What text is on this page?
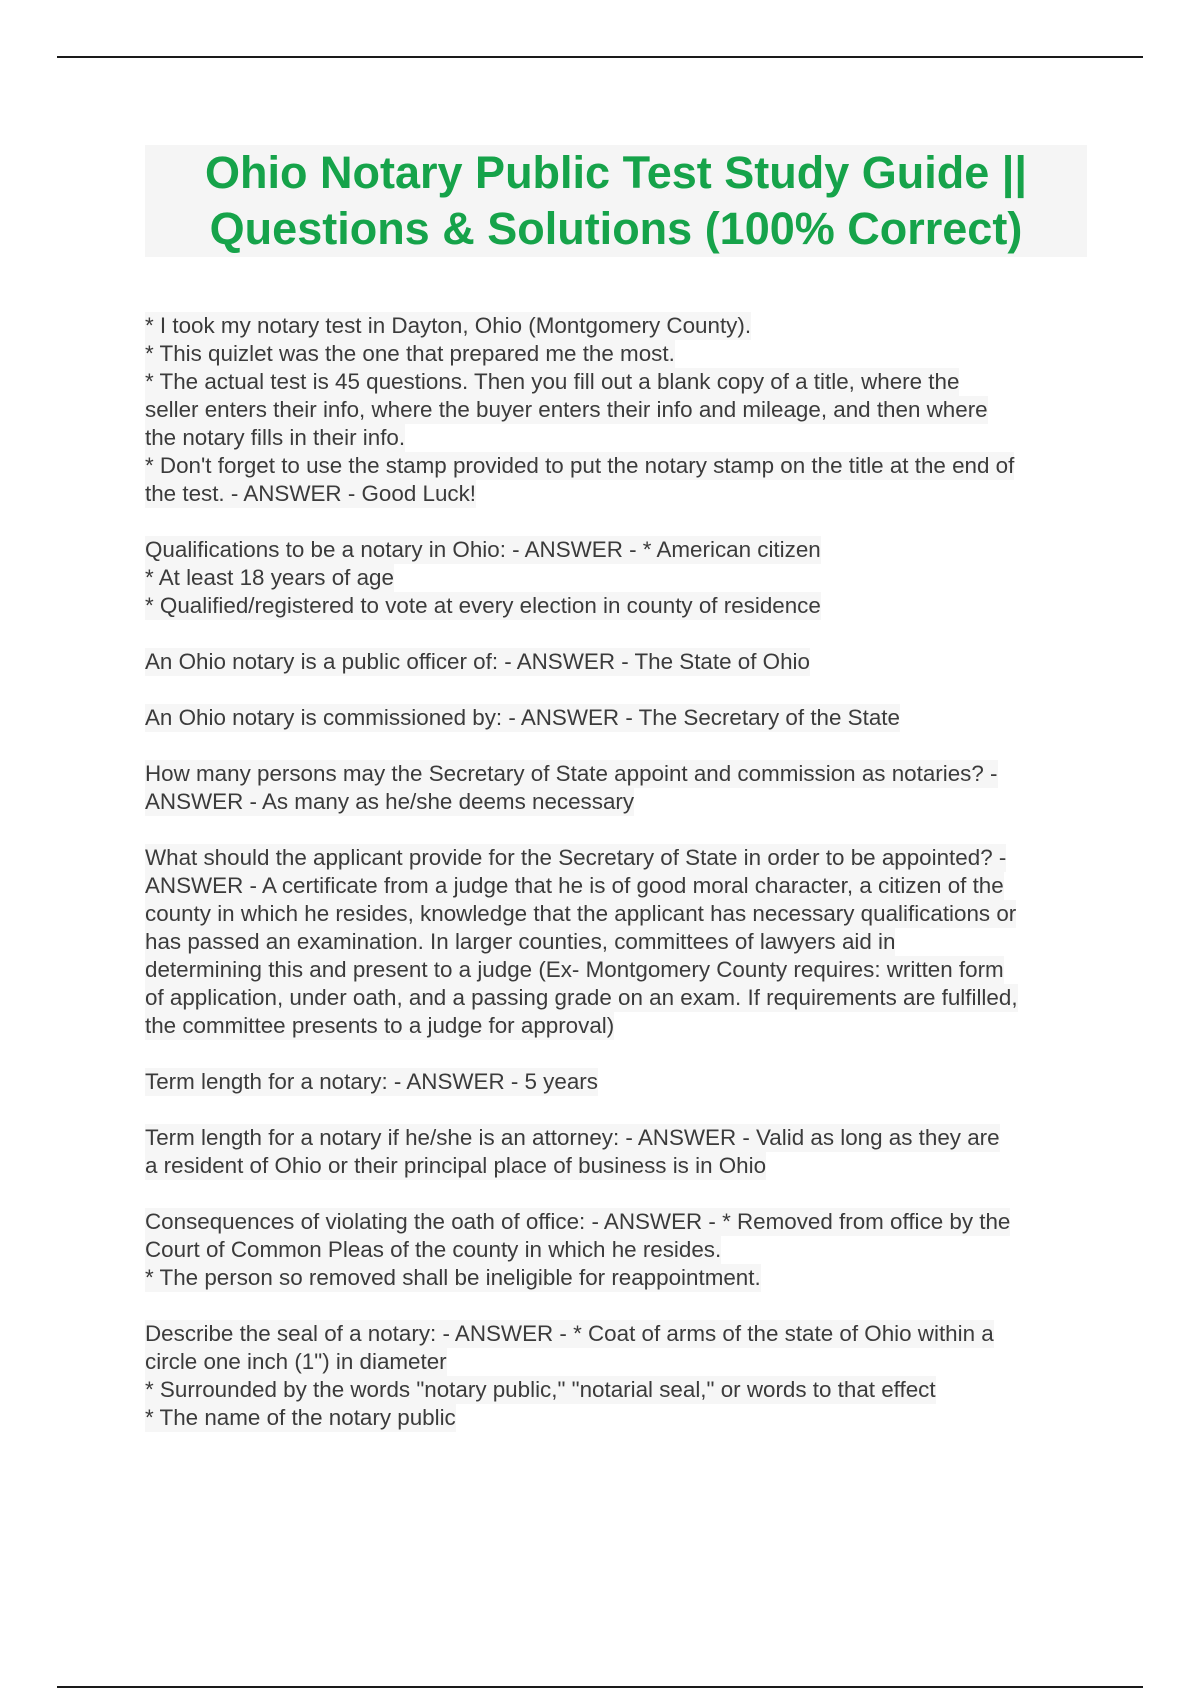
Ohio Notary Public Test Study Guide ||
Questions & Solutions (100% Correct)
* I took my notary test in Dayton, Ohio (Montgomery County).
* This quizlet was the one that prepared me the most.
* The actual test is 45 questions. Then you fill out a blank copy of a title, where the
seller enters their info, where the buyer enters their info and mileage, and then where
the notary fills in their info.
* Don't forget to use the stamp provided to put the notary stamp on the title at the end of
the test. - ANSWER - Good Luck!
Qualifications to be a notary in Ohio: - ANSWER - * American citizen
* At least 18 years of age
* Qualified/registered to vote at every election in county of residence
An Ohio notary is a public officer of: - ANSWER - The State of Ohio
An Ohio notary is commissioned by: - ANSWER - The Secretary of the State
How many persons may the Secretary of State appoint and commission as notaries? -
ANSWER - As many as he/she deems necessary
What should the applicant provide for the Secretary of State in order to be appointed? -
ANSWER - A certificate from a judge that he is of good moral character, a citizen of the
county in which he resides, knowledge that the applicant has necessary qualifications or
has passed an examination. In larger counties, committees of lawyers aid in
determining this and present to a judge (Ex- Montgomery County requires: written form
of application, under oath, and a passing grade on an exam. If requirements are fulfilled,
the committee presents to a judge for approval)
Term length for a notary: - ANSWER - 5 years
Term length for a notary if he/she is an attorney: - ANSWER - Valid as long as they are
a resident of Ohio or their principal place of business is in Ohio
Consequences of violating the oath of office: - ANSWER - * Removed from office by the
Court of Common Pleas of the county in which he resides.
* The person so removed shall be ineligible for reappointment.
Describe the seal of a notary: - ANSWER - * Coat of arms of the state of Ohio within a
circle one inch (1") in diameter
* Surrounded by the words "notary public," "notarial seal," or words to that effect
* The name of the notary public
